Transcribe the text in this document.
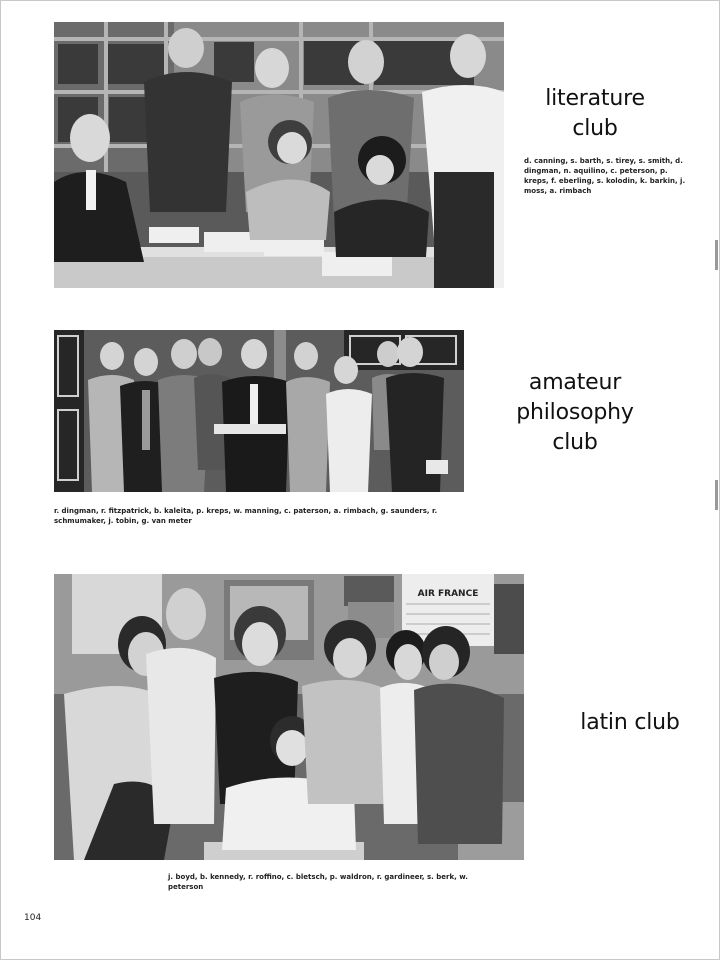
literature
club
d. canning, s. barth, s. tirey, s. smith, d. dingman, n. aquilino, c. peterson, p. kreps, f. eberling, s. kolodin, k. barkin, j. moss, a. rimbach
amateur
philosophy
club
r. dingman, r. fitzpatrick, b. kaleita, p. kreps, w. manning, c. paterson, a. rimbach, g. saunders, r. schmumaker, j. tobin, g. van meter
AIR FRANCE
latin club
j. boyd, b. kennedy, r. roffino, c. bletsch, p. waldron, r. gardineer, s. berk, w. peterson
104
